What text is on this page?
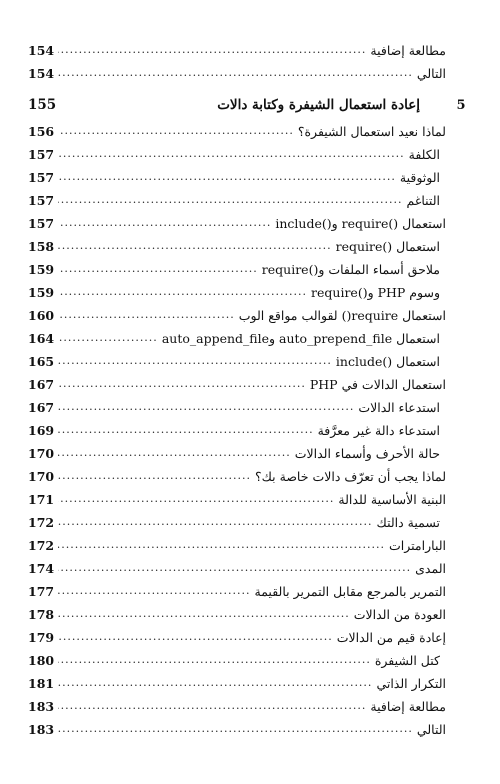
مطالعة إضافية
.....
154
التالي
.....
154
5
إعادة استعمال الشيفرة وكتابة دالات
155
لماذا نعيد استعمال الشيفرة؟
.....
156
الكلفة
.....
157
الوثوقية
.....
157
التناغم
.....
157
استعمال ()require و()include
.....
157
استعمال ()require
.....
158
ملاحق أسماء الملفات و()require
.....
159
وسوم PHP و()require
.....
159
استعمال require() لقوالب مواقع الوب
.....
160
استعمال auto_prepend_file وauto_append_file
.....
164
استعمال ()include
.....
165
استعمال الدالات في PHP
.....
167
استدعاء الدالات
.....
167
استدعاء دالة غير معرَّفة
.....
169
حالة الأحرف وأسماء الدالات
.....
170
لماذا يجب أن تعرّف دالات خاصة بك؟
.....
170
البنية الأساسية للدالة
.....
171
تسمية دالتك
.....
172
البارامترات
.....
172
المدى
.....
174
التمرير بالمرجع مقابل التمرير بالقيمة
.....
177
العودة من الدالات
.....
178
إعادة قيم من الدالات
.....
179
كتل الشيفرة
.....
180
التكرار الذاتي
.....
181
مطالعة إضافية
.....
183
التالي
.....
183
